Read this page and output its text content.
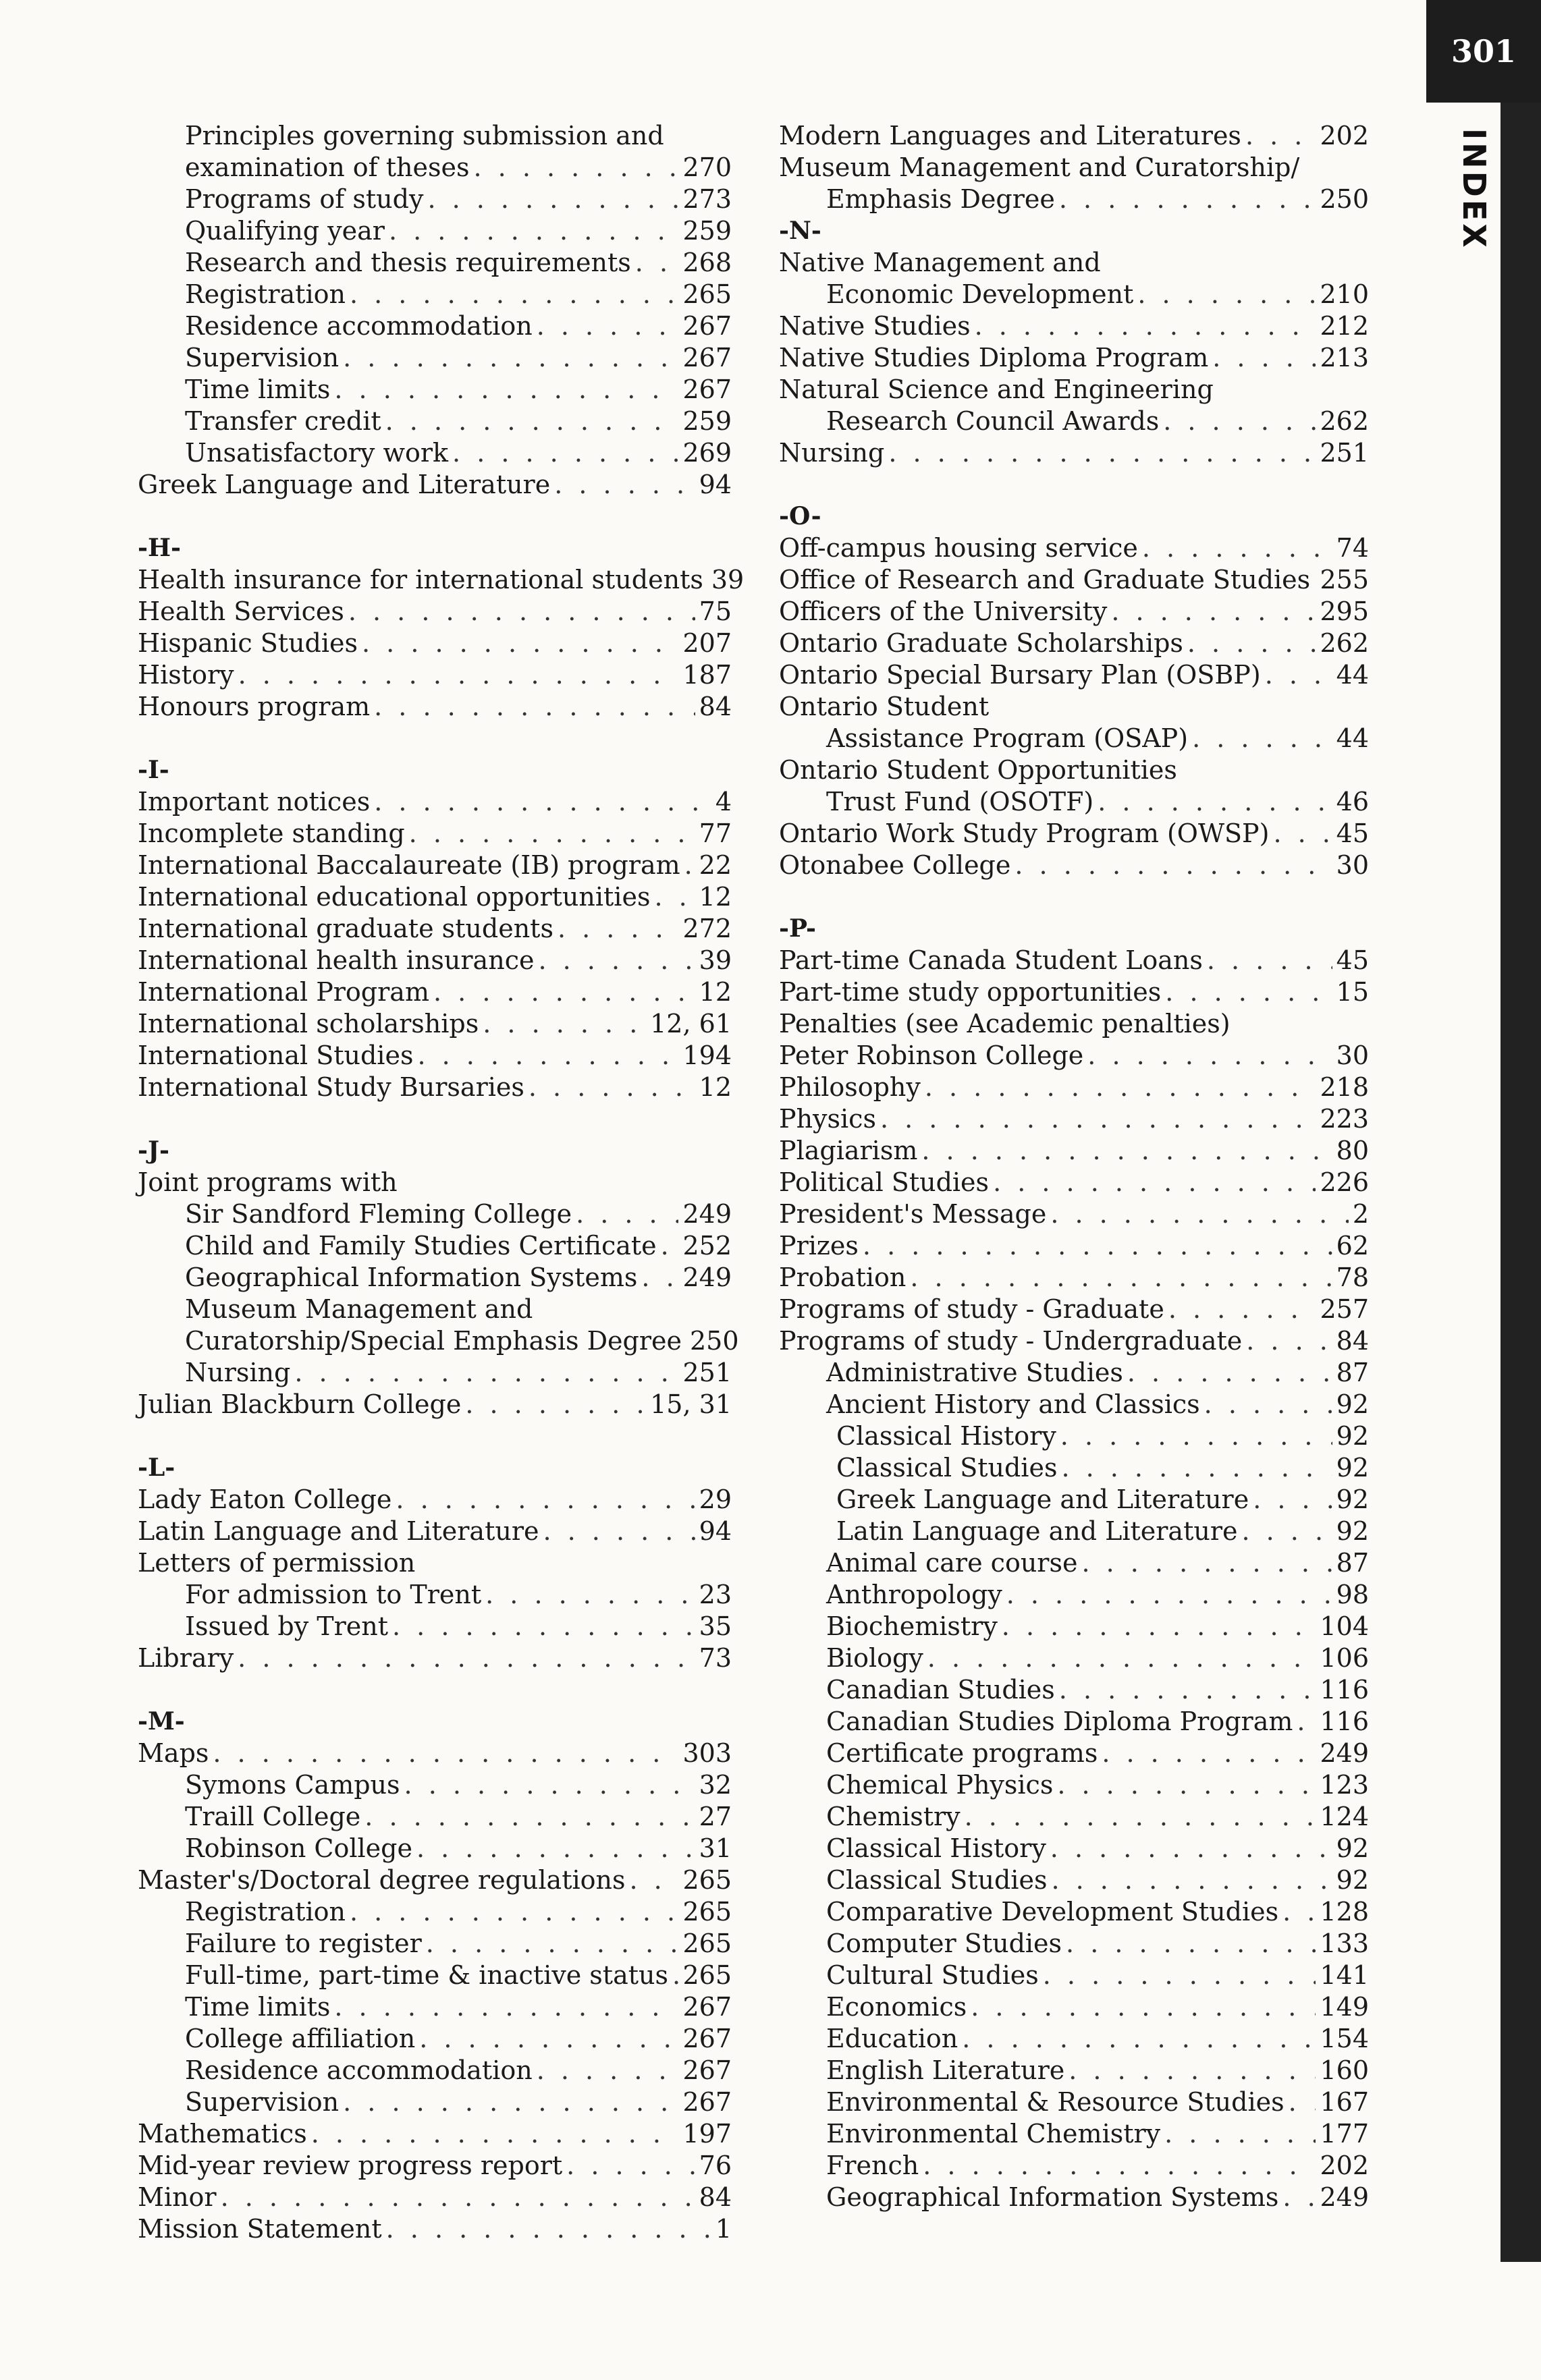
301
INDEX
Principles governing submission and
examination of theses . . .	270
Programs of study . . .	273
Qualifying year . . .	259
Research and thesis requirements . . . 268
Registration . . .	265
Residence accommodation . . .	267
Supervision . . .	267
Time limits . . .	267
Transfer credit . . .	259
Unsatisfactory work . . .	269
Greek Language and Literature . . .	94
-H-
Health insurance for international students 39
Health Services . . .	75
Hispanic Studies . . .	207
History . . .	187
Honours program . . .	84
-I-
Important notices . . .	4
Incomplete standing . . .	77
International Baccalaureate (IB) program . . . 22
International educational opportunities . . . 12
International graduate students . . .	272
International health insurance . . .	39
International Program . . .	12
International scholarships . . .	12, 61
International Studies . . .	194
International Study Bursaries . . .	12
-J-
Joint programs with
Sir Sandford Fleming College . . .	249
Child and Family Studies Certificate . . . 252
Geographical Information Systems . . . 249
Museum Management and
Curatorship/Special Emphasis Degree 250
Nursing . . .	251
Julian Blackburn College . . .	15, 31
-L-
Lady Eaton College . . .	29
Latin Language and Literature . . .	94
Letters of permission
For admission to Trent . . .	23
Issued by Trent . . .	35
Library . . .	73
-M-
Maps . . .	303
Symons Campus . . .	32
Traill College . . .	27
Robinson College . . .	31
Master's/Doctoral degree regulations . . . 265
Registration . . .	265
Failure to register . . .	265
Full-time, part-time & inactive status . . . 265
Time limits . . .	267
College affiliation . . .	267
Residence accommodation . . .	267
Supervision . . .	267
Mathematics . . .	197
Mid-year review progress report . . .	76
Minor . . .	84
Mission Statement . . .	1
Modern Languages and Literatures . . .	202
Museum Management and Curatorship/
Emphasis Degree . . .	250
-N-
Native Management and
Economic Development . . .	210
Native Studies . . .	212
Native Studies Diploma Program . . .	213
Natural Science and Engineering
Research Council Awards . . .	262
Nursing . . .	251
-O-
Off-campus housing service . . .	74
Office of Research and Graduate Studies . . . 255
Officers of the University . . .	295
Ontario Graduate Scholarships . . .	262
Ontario Special Bursary Plan (OSBP) . . .	44
Ontario Student
Assistance Program (OSAP) . . .	44
Ontario Student Opportunities
Trust Fund (OSOTF) . . .	46
Ontario Work Study Program (OWSP) . . .	45
Otonabee College . . .	30
-P-
Part-time Canada Student Loans . . .	45
Part-time study opportunities . . .	15
Penalties (see Academic penalties)
Peter Robinson College . . .	30
Philosophy . . .	218
Physics . . .	223
Plagiarism . . .	80
Political Studies . . .	226
President's Message . . .	2
Prizes . . .	62
Probation . . .	78
Programs of study - Graduate . . .	257
Programs of study - Undergraduate . . .	84
Administrative Studies . . .	87
Ancient History and Classics . . .	92
Classical History . . .	92
Classical Studies . . .	92
Greek Language and Literature . . .	92
Latin Language and Literature . . .	92
Animal care course . . .	87
Anthropology . . .	98
Biochemistry . . .	104
Biology . . .	106
Canadian Studies . . .	116
Canadian Studies Diploma Program . . . 116
Certificate programs . . .	249
Chemical Physics . . .	123
Chemistry . . .	124
Classical History . . .	92
Classical Studies . . .	92
Comparative Development Studies . . . 128
Computer Studies . . .	133
Cultural Studies . . .	141
Economics . . .	149
Education . . .	154
English Literature . . .	160
Environmental & Resource Studies . . . 167
Environmental Chemistry . . .	177
French . . .	202
Geographical Information Systems . . . 249
